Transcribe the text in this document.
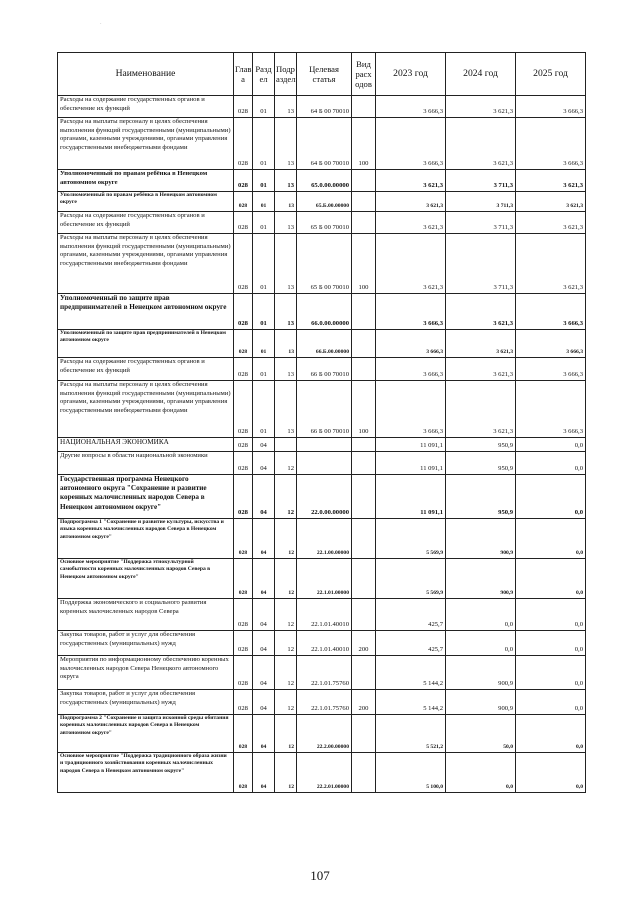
·
Наименование	Глав а	Разд ел	Подр аздел	Целевая статья	Вид расх одов	2023 год	2024 год	2025 год
Расходы на содержание государственных органов и обеспечение их функций	028	01	13	64 Б 00 70010		3 666,3	3 621,3	3 666,3
Расходы на выплаты персоналу в целях обеспечения выполнения функций государственными (муниципальными) органами, казенными учреждениями, органами управления государственными внебюджетными фондами	028	01	13	64 Б 00 70010	100	3 666,3	3 621,3	3 666,3
Уполномоченный по правам ребёнка в Ненецком автономном округе	028	01	13	65.0.00.00000		3 621,3	3 711,3	3 621,3
Уполномоченный по правам ребёнка в Ненецком автономном округе	028	01	13	65.Б.00.00000		3 621,3	3 711,3	3 621,3
Расходы на содержание государственных органов и обеспечение их функций	028	01	13	65 Б 00 70010		3 621,3	3 711,3	3 621,3
Расходы на выплаты персоналу в целях обеспечения выполнения функций государственными (муниципальными) органами, казенными учреждениями, органами управления государственными внебюджетными фондами	028	01	13	65 Б 00 70010	100	3 621,3	3 711,3	3 621,3
Уполномоченный по защите прав предпринимателей в Ненецком автономном округе	028	01	13	66.0.00.00000		3 666,3	3 621,3	3 666,3
Уполномоченный по защите прав предпринимателей в Ненецком автономном округе	028	01	13	66.Б.00.00000		3 666,3	3 621,3	3 666,3
Расходы на содержание государственных органов и обеспечение их функций	028	01	13	66 Б 00 70010		3 666,3	3 621,3	3 666,3
Расходы на выплаты персоналу в целях обеспечения выполнения функций государственными (муниципальными) органами, казенными учреждениями, органами управления государственными внебюджетными фондами	028	01	13	66 Б 00 70010	100	3 666,3	3 621,3	3 666,3
НАЦИОНАЛЬНАЯ ЭКОНОМИКА	028	04				11 091,1	950,9	0,0
Другие вопросы в области национальной экономики	028	04	12			11 091,1	950,9	0,0
Государственная программа Ненецкого автономного округа "Сохранение и развитие коренных малочисленных народов Севера в Ненецком автономном округе"	028	04	12	22.0.00.00000		11 091,1	950,9	0,0
Подпрограмма 1 "Сохранение и развитие культуры, искусства и языка коренных малочисленных народов Севера в Ненецком автономном округе"	028	04	12	22.1.00.00000		5 569,9	900,9	0,0
Основное мероприятие "Поддержка этнокультурной самобытности коренных малочисленных народов Севера в Ненецком автономном округе"	028	04	12	22.1.01.00000		5 569,9	900,9	0,0
Поддержка экономического и социального развития коренных малочисленных народов Севера	028	04	12	22.1.01.40010		425,7	0,0	0,0
Закупка товаров, работ и услуг для обеспечения государственных (муниципальных) нужд	028	04	12	22.1.01.40010	200	425,7	0,0	0,0
Мероприятия по информационному обеспечению коренных малочисленных народов Севера Ненецкого автономного округа	028	04	12	22.1.01.75760		5 144,2	900,9	0,0
Закупка товаров, работ и услуг для обеспечения государственных (муниципальных) нужд	028	04	12	22.1.01.75760	200	5 144,2	900,9	0,0
Подпрограмма 2 "Сохранение и защита исконной среды обитания коренных малочисленных народов Севера в Ненецком автономном округе"	028	04	12	22.2.00.00000		5 521,2	50,0	0,0
Основное мероприятие "Поддержка традиционного образа жизни и традиционного хозяйствования коренных малочисленных народов Севера в Ненецком автономном округе"	028	04	12	22.2.01.00000		5 100,0	0,0	0,0
107
